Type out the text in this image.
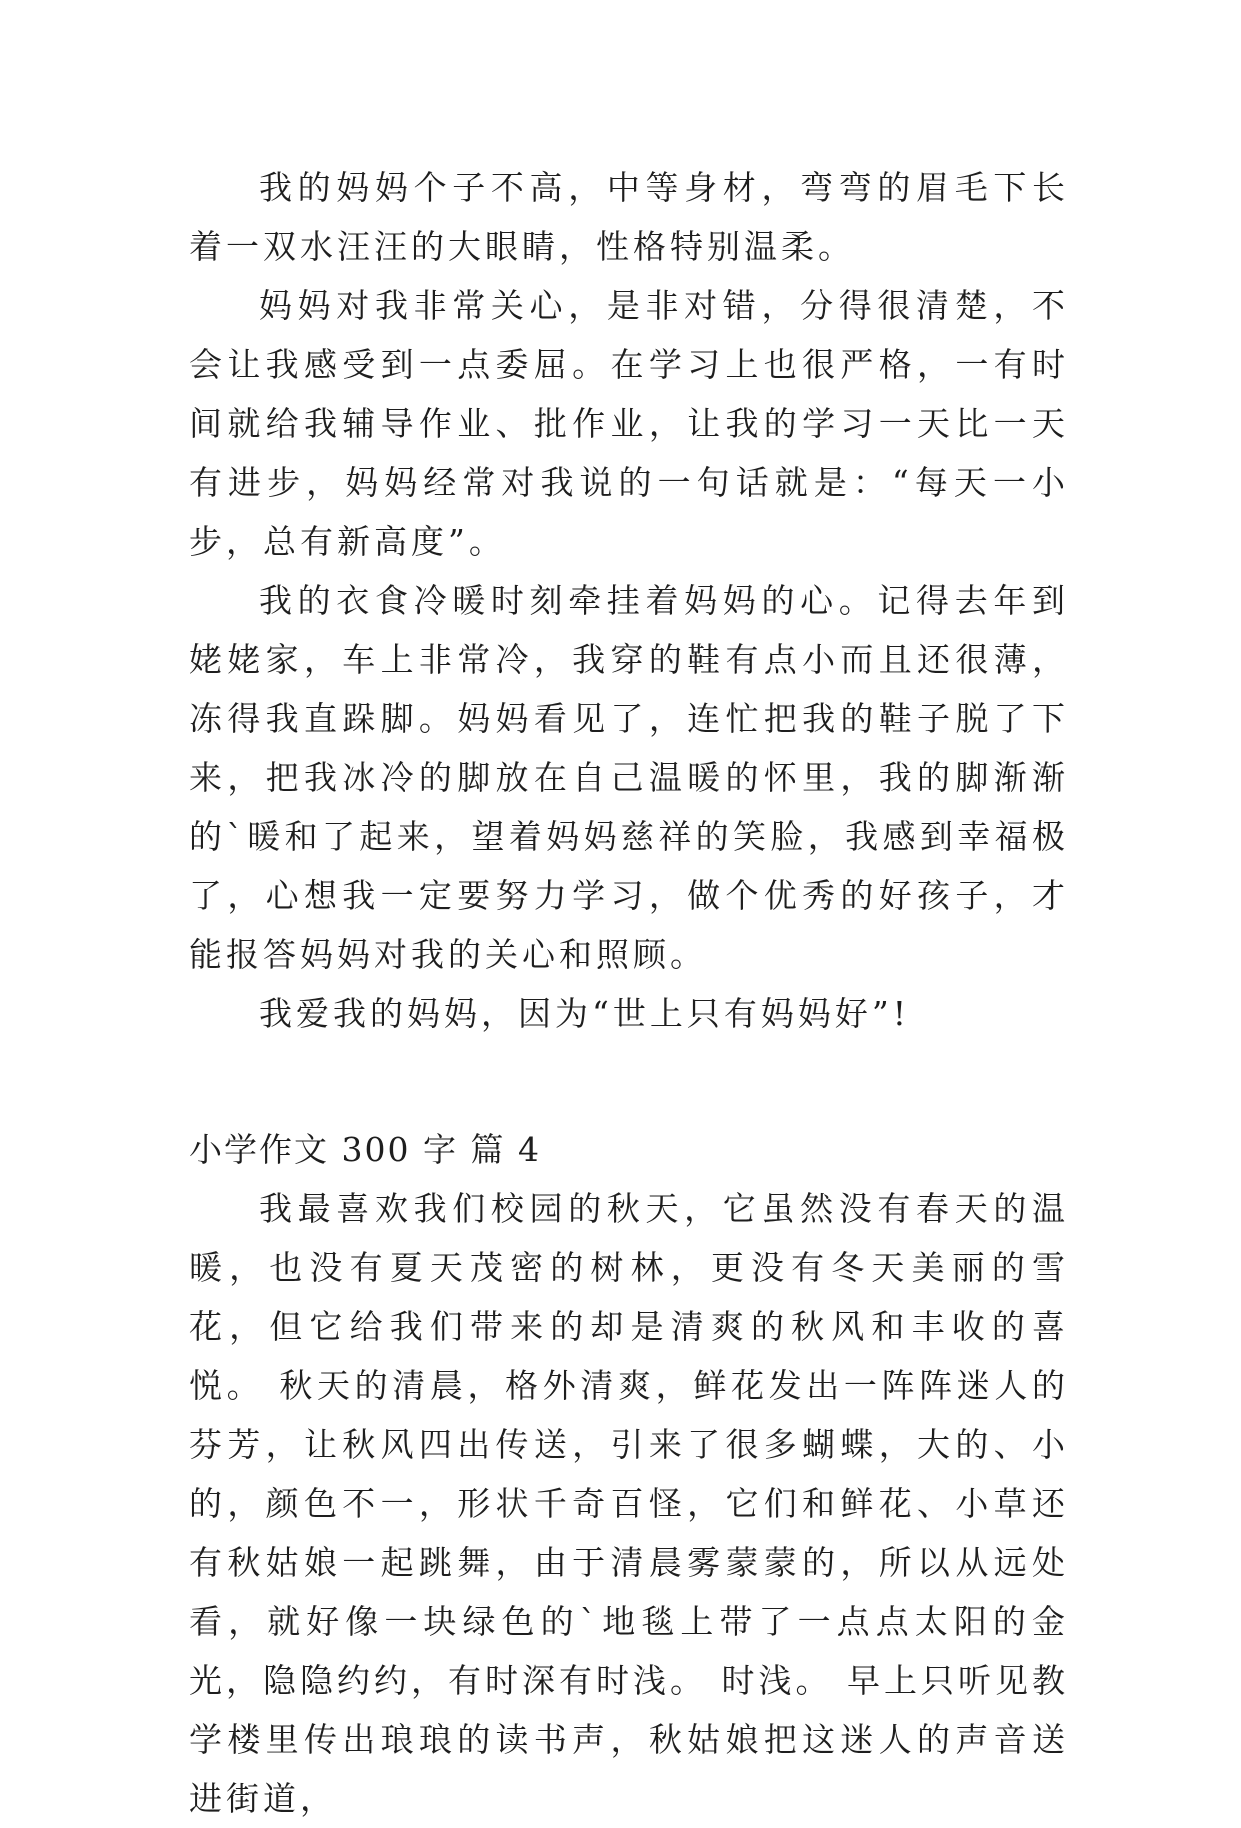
我的妈妈个子不高，中等身材，弯弯的眉毛下长着一双水汪汪的大眼睛，性格特别温柔。

妈妈对我非常关心，是非对错，分得很清楚，不会让我感受到一点委屈。在学习上也很严格，一有时间就给我辅导作业、批作业，让我的学习一天比一天有进步，妈妈经常对我说的一句话就是：“每天一小步，总有新高度”。

我的衣食冷暖时刻牵挂着妈妈的心。记得去年到姥姥家，车上非常冷，我穿的鞋有点小而且还很薄，冻得我直跺脚。妈妈看见了，连忙把我的鞋子脱了下来，把我冰冷的脚放在自己温暖的怀里，我的脚渐渐的`暖和了起来，望着妈妈慈祥的笑脸，我感到幸福极了，心想我一定要努力学习，做个优秀的好孩子，才能报答妈妈对我的关心和照顾。

我爱我的妈妈，因为“世上只有妈妈好”!

小学作文 300 字 篇 4

我最喜欢我们校园的秋天，它虽然没有春天的温暖，也没有夏天茂密的树林，更没有冬天美丽的雪花，但它给我们带来的却是清爽的秋风和丰收的喜悦。 秋天的清晨，格外清爽，鲜花发出一阵阵迷人的芬芳，让秋风四出传送，引来了很多蝴蝶，大的、小的，颜色不一，形状千奇百怪，它们和鲜花、小草还有秋姑娘一起跳舞，由于清晨雾蒙蒙的，所以从远处看，就好像一块绿色的`地毯上带了一点点太阳的金光，隐隐约约，有时深有时浅。 时浅。 早上只听见教学楼里传出琅琅的读书声，秋姑娘把这迷人的声音送进街道，
